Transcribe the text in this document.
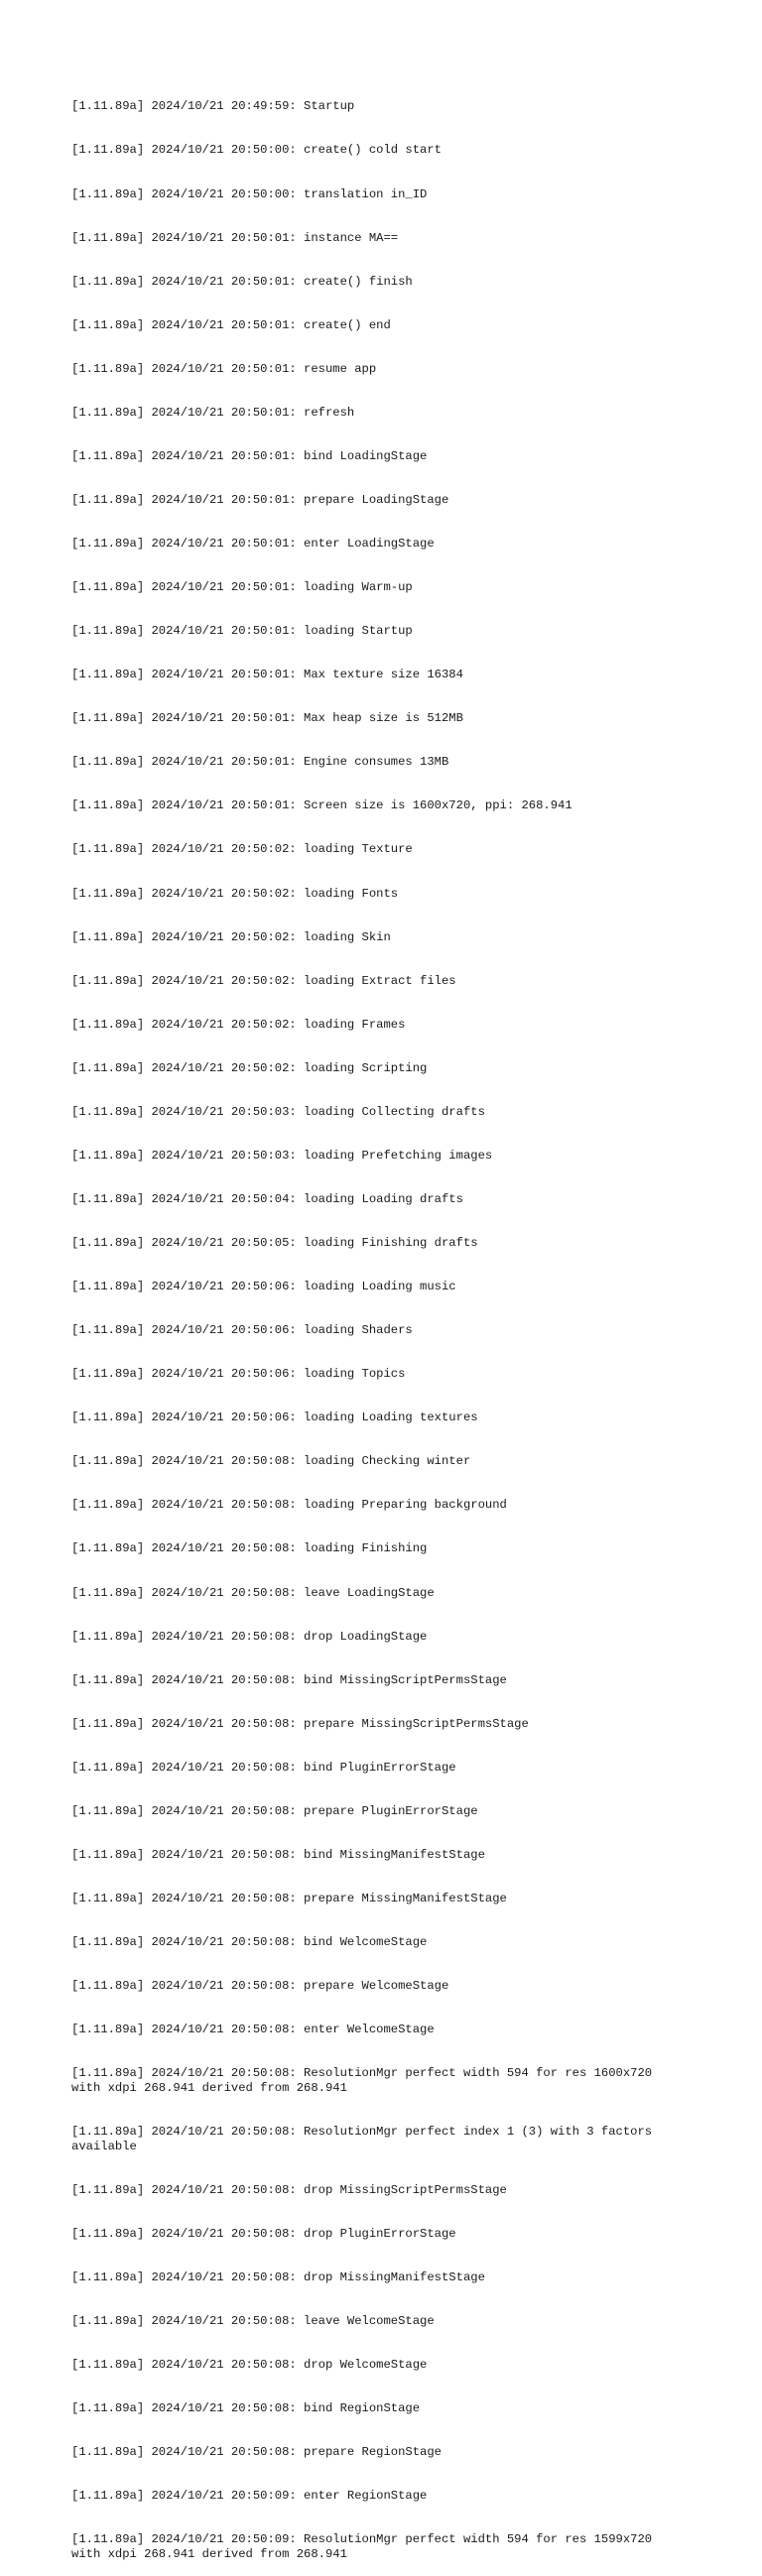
[1.11.89a] 2024/10/21 20:49:59: Startup

[1.11.89a] 2024/10/21 20:50:00: create() cold start

[1.11.89a] 2024/10/21 20:50:00: translation in_ID

[1.11.89a] 2024/10/21 20:50:01: instance MA==

[1.11.89a] 2024/10/21 20:50:01: create() finish

[1.11.89a] 2024/10/21 20:50:01: create() end

[1.11.89a] 2024/10/21 20:50:01: resume app

[1.11.89a] 2024/10/21 20:50:01: refresh

[1.11.89a] 2024/10/21 20:50:01: bind LoadingStage

[1.11.89a] 2024/10/21 20:50:01: prepare LoadingStage

[1.11.89a] 2024/10/21 20:50:01: enter LoadingStage

[1.11.89a] 2024/10/21 20:50:01: loading Warm-up

[1.11.89a] 2024/10/21 20:50:01: loading Startup

[1.11.89a] 2024/10/21 20:50:01: Max texture size 16384

[1.11.89a] 2024/10/21 20:50:01: Max heap size is 512MB

[1.11.89a] 2024/10/21 20:50:01: Engine consumes 13MB

[1.11.89a] 2024/10/21 20:50:01: Screen size is 1600x720, ppi: 268.941

[1.11.89a] 2024/10/21 20:50:02: loading Texture

[1.11.89a] 2024/10/21 20:50:02: loading Fonts

[1.11.89a] 2024/10/21 20:50:02: loading Skin

[1.11.89a] 2024/10/21 20:50:02: loading Extract files

[1.11.89a] 2024/10/21 20:50:02: loading Frames

[1.11.89a] 2024/10/21 20:50:02: loading Scripting

[1.11.89a] 2024/10/21 20:50:03: loading Collecting drafts

[1.11.89a] 2024/10/21 20:50:03: loading Prefetching images

[1.11.89a] 2024/10/21 20:50:04: loading Loading drafts

[1.11.89a] 2024/10/21 20:50:05: loading Finishing drafts

[1.11.89a] 2024/10/21 20:50:06: loading Loading music

[1.11.89a] 2024/10/21 20:50:06: loading Shaders

[1.11.89a] 2024/10/21 20:50:06: loading Topics

[1.11.89a] 2024/10/21 20:50:06: loading Loading textures

[1.11.89a] 2024/10/21 20:50:08: loading Checking winter

[1.11.89a] 2024/10/21 20:50:08: loading Preparing background

[1.11.89a] 2024/10/21 20:50:08: loading Finishing

[1.11.89a] 2024/10/21 20:50:08: leave LoadingStage

[1.11.89a] 2024/10/21 20:50:08: drop LoadingStage

[1.11.89a] 2024/10/21 20:50:08: bind MissingScriptPermsStage

[1.11.89a] 2024/10/21 20:50:08: prepare MissingScriptPermsStage

[1.11.89a] 2024/10/21 20:50:08: bind PluginErrorStage

[1.11.89a] 2024/10/21 20:50:08: prepare PluginErrorStage

[1.11.89a] 2024/10/21 20:50:08: bind MissingManifestStage

[1.11.89a] 2024/10/21 20:50:08: prepare MissingManifestStage

[1.11.89a] 2024/10/21 20:50:08: bind WelcomeStage

[1.11.89a] 2024/10/21 20:50:08: prepare WelcomeStage

[1.11.89a] 2024/10/21 20:50:08: enter WelcomeStage

[1.11.89a] 2024/10/21 20:50:08: ResolutionMgr perfect width 594 for res 1600x720 with xdpi 268.941 derived from 268.941

[1.11.89a] 2024/10/21 20:50:08: ResolutionMgr perfect index 1 (3) with 3 factors available

[1.11.89a] 2024/10/21 20:50:08: drop MissingScriptPermsStage

[1.11.89a] 2024/10/21 20:50:08: drop PluginErrorStage

[1.11.89a] 2024/10/21 20:50:08: drop MissingManifestStage

[1.11.89a] 2024/10/21 20:50:08: leave WelcomeStage

[1.11.89a] 2024/10/21 20:50:08: drop WelcomeStage

[1.11.89a] 2024/10/21 20:50:08: bind RegionStage

[1.11.89a] 2024/10/21 20:50:08: prepare RegionStage

[1.11.89a] 2024/10/21 20:50:09: enter RegionStage

[1.11.89a] 2024/10/21 20:50:09: ResolutionMgr perfect width 594 for res 1599x720 with xdpi 268.941 derived from 268.941
